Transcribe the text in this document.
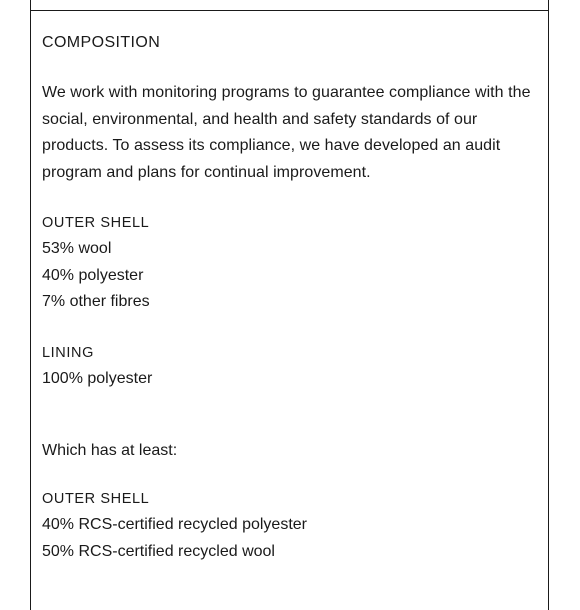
COMPOSITION

We work with monitoring programs to guarantee compliance with the social, environmental, and health and safety standards of our products. To assess its compliance, we have developed an audit program and plans for continual improvement.

OUTER SHELL
53% wool
40% polyester
7% other fibres
LINING
100% polyester
Which has at least:
OUTER SHELL
40% RCS-certified recycled polyester
50% RCS-certified recycled wool
